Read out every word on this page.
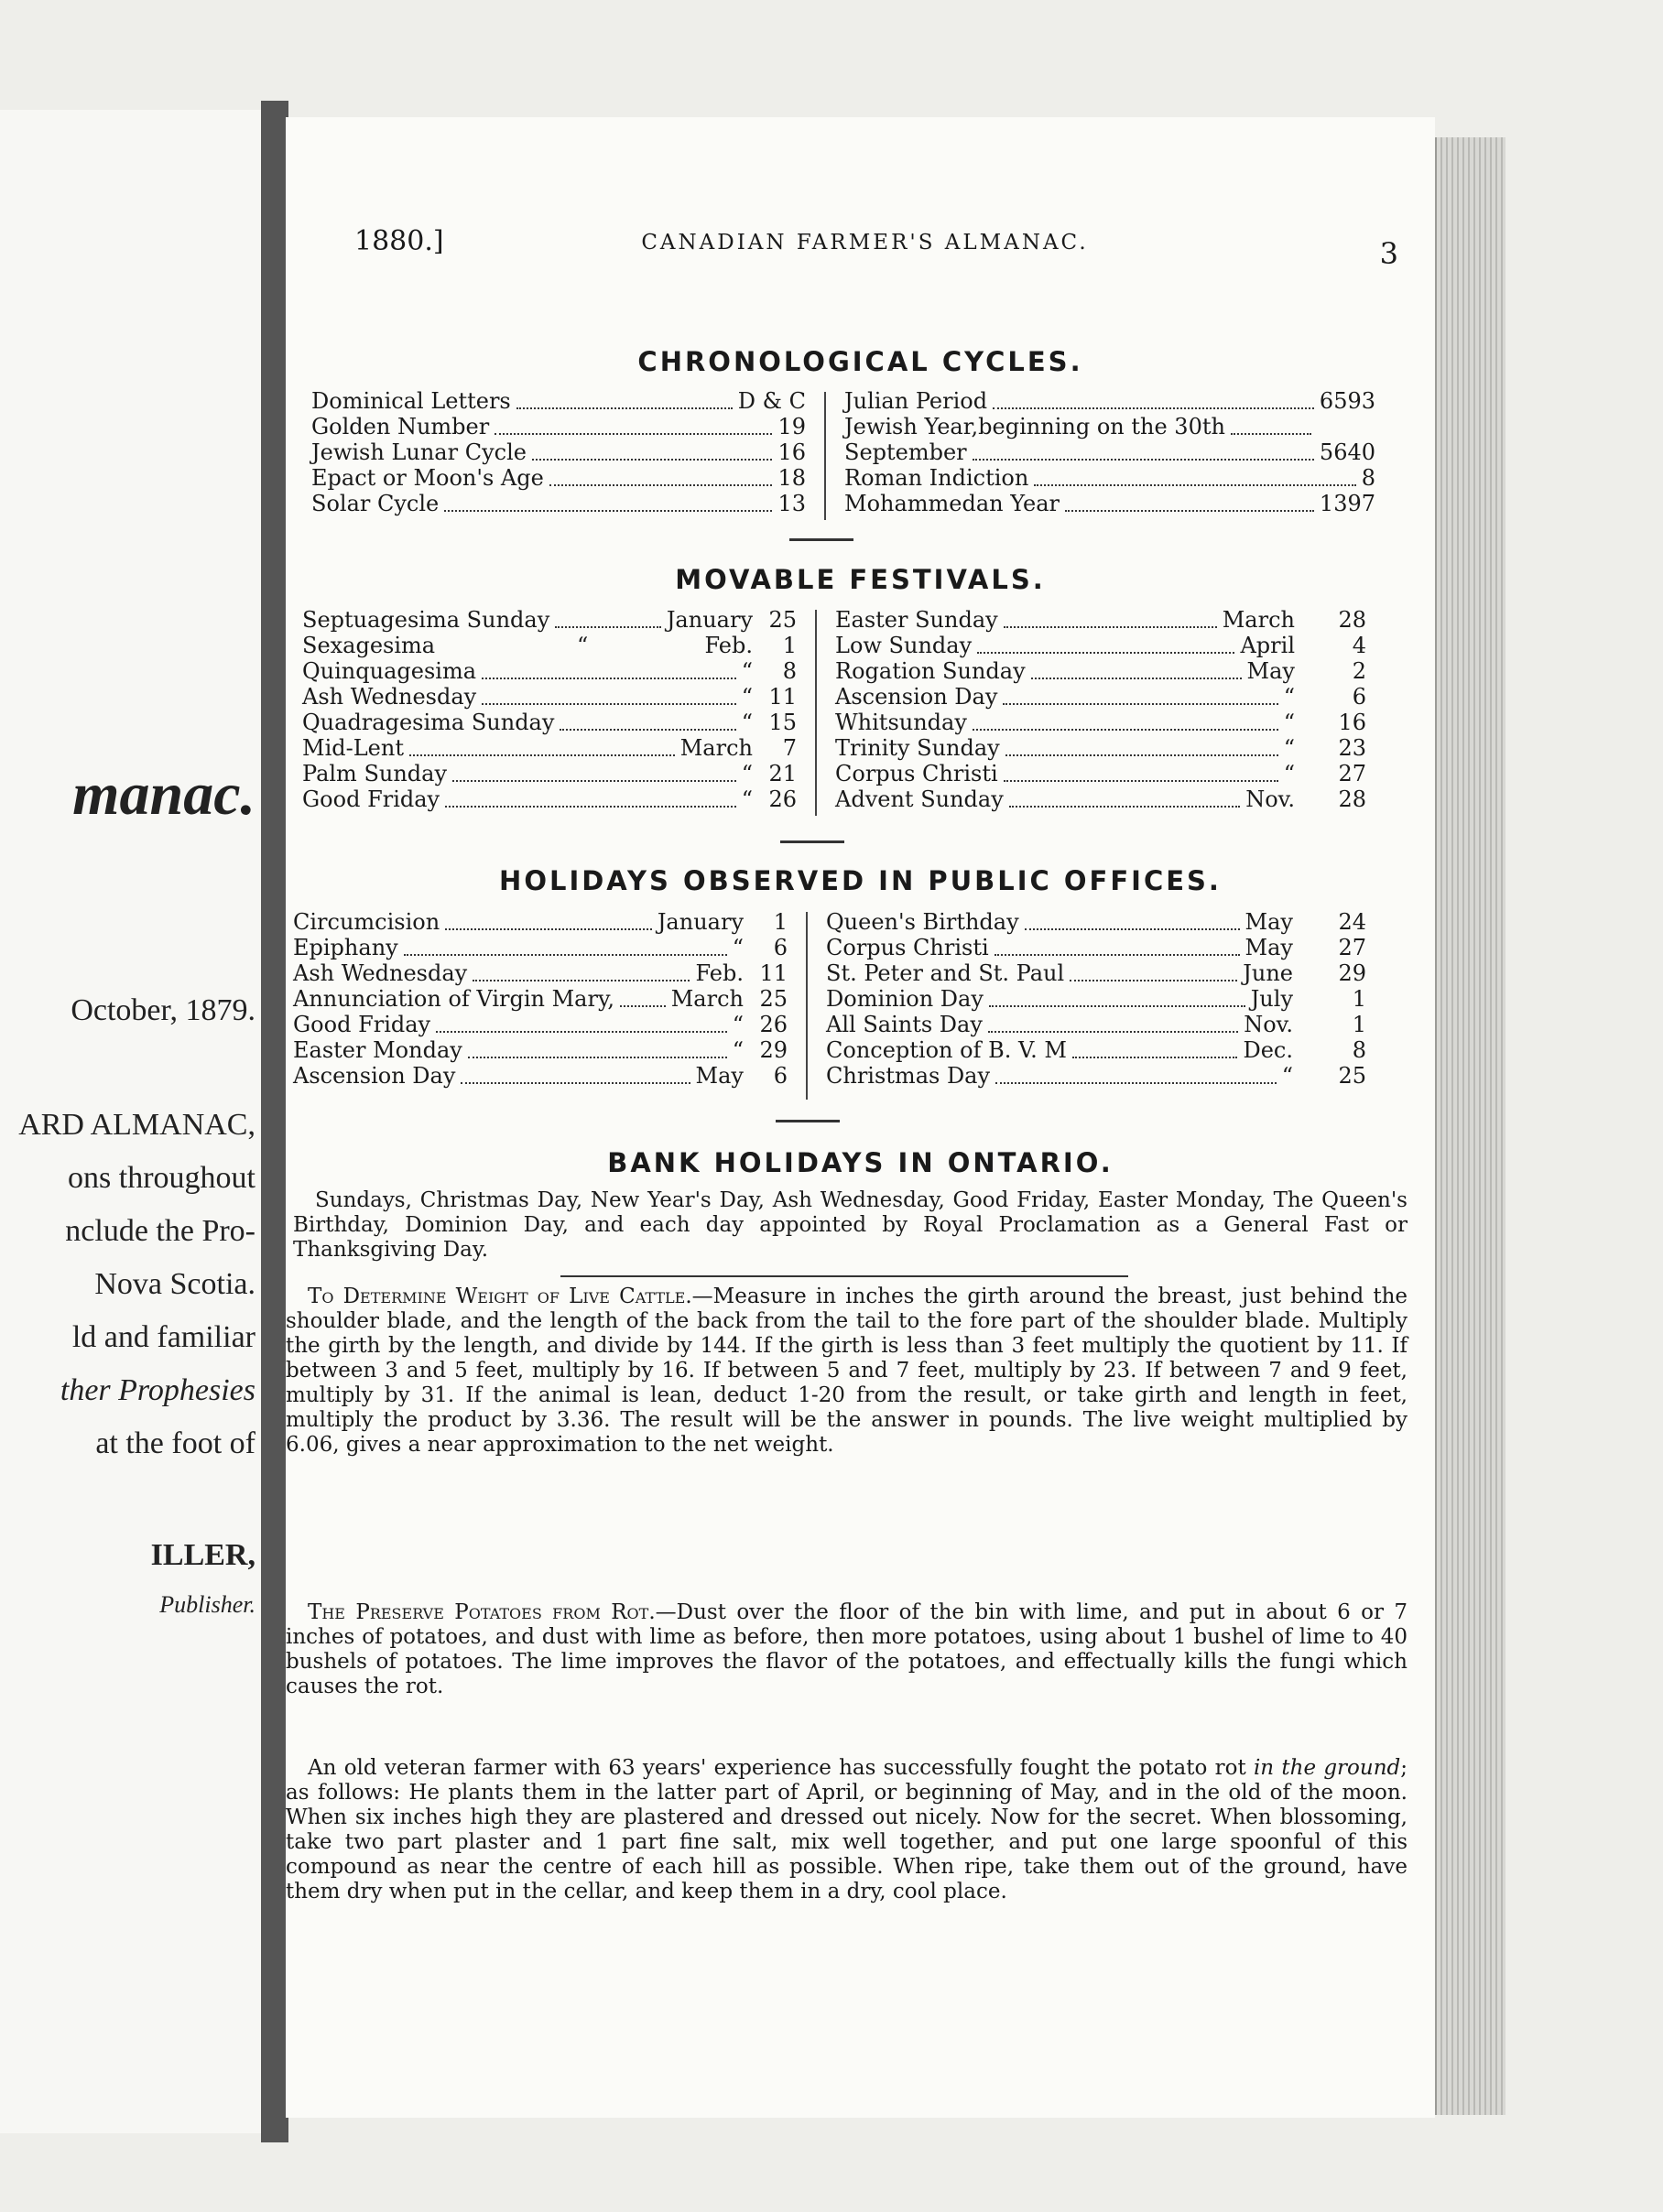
manac.
October, 1879.
ARD ALMANAC,
ons throughout
nclude the Pro-
Nova Scotia.
ld and familiar
ther Prophesies
at the foot of
ILLER,
Publisher.
1880.]	CANADIAN FARMER'S ALMANAC.	3
CHRONOLOGICAL CYCLES.
Dominical Letters	D & C
Golden Number	19
Jewish Lunar Cycle	16
Epact or Moon's Age	18
Solar Cycle	13
Julian Period	6593
Jewish Year,beginning on the 30th
September	5640
Roman Indiction	8
Mohammedan Year	1397
MOVABLE FESTIVALS.
Septuagesima Sunday	January 25
Sexagesima	“	Feb. 1
Quinquagesima	“ 8
Ash Wednesday	“ 11
Quadragesima Sunday	“ 15
Mid-Lent	March 7
Palm Sunday	“ 21
Good Friday	“ 26
Easter Sunday	March 28
Low Sunday	April	4
Rogation Sunday	May	2
Ascension Day	“	6
Whitsunday	“ 16
Trinity Sunday	“ 23
Corpus Christi	“ 27
Advent Sunday	Nov. 28
HOLIDAYS OBSERVED IN PUBLIC OFFICES.
Circumcision	January 1
Epiphany	“ 6
Ash Wednesday	Feb. 11
Annunciation of Virgin Mary,	March 25
Good Friday	“ 26
Easter Monday	“ 29
Ascension Day	May 6
Queen's Birthday	May 24
Corpus Christi	May 27
St. Peter and St. Paul	June 29
Dominion Day	July	1
All Saints Day	Nov.	1
Conception of B. V. M	Dec.	8
Christmas Day	“ 25
BANK HOLIDAYS IN ONTARIO.
Sundays, Christmas Day, New Year's Day, Ash Wednesday, Good Friday, Easter Monday, The Queen's Birthday, Dominion Day, and each day appointed by Royal Proclamation as a General Fast or Thanksgiving Day.
To Determine Weight of Live Cattle.—Measure in inches the girth around the breast, just behind the shoulder blade, and the length of the back from the tail to the fore part of the shoulder blade. Multiply the girth by the length, and divide by 144. If the girth is less than 3 feet multiply the quotient by 11. If between 3 and 5 feet, multiply by 16. If between 5 and 7 feet, multiply by 23. If between 7 and 9 feet, multiply by 31. If the animal is lean, deduct 1-20 from the result, or take girth and length in feet, multiply the product by 3.36. The result will be the answer in pounds. The live weight multiplied by 6.06, gives a near approximation to the net weight.
The Preserve Potatoes from Rot.—Dust over the floor of the bin with lime, and put in about 6 or 7 inches of potatoes, and dust with lime as before, then more potatoes, using about 1 bushel of lime to 40 bushels of potatoes. The lime improves the flavor of the potatoes, and effectually kills the fungi which causes the rot.
An old veteran farmer with 63 years' experience has successfully fought the potato rot in the ground; as follows: He plants them in the latter part of April, or beginning of May, and in the old of the moon. When six inches high they are plastered and dressed out nicely. Now for the secret. When blossoming, take two part plaster and 1 part fine salt, mix well together, and put one large spoonful of this compound as near the centre of each hill as possible. When ripe, take them out of the ground, have them dry when put in the cellar, and keep them in a dry, cool place.
